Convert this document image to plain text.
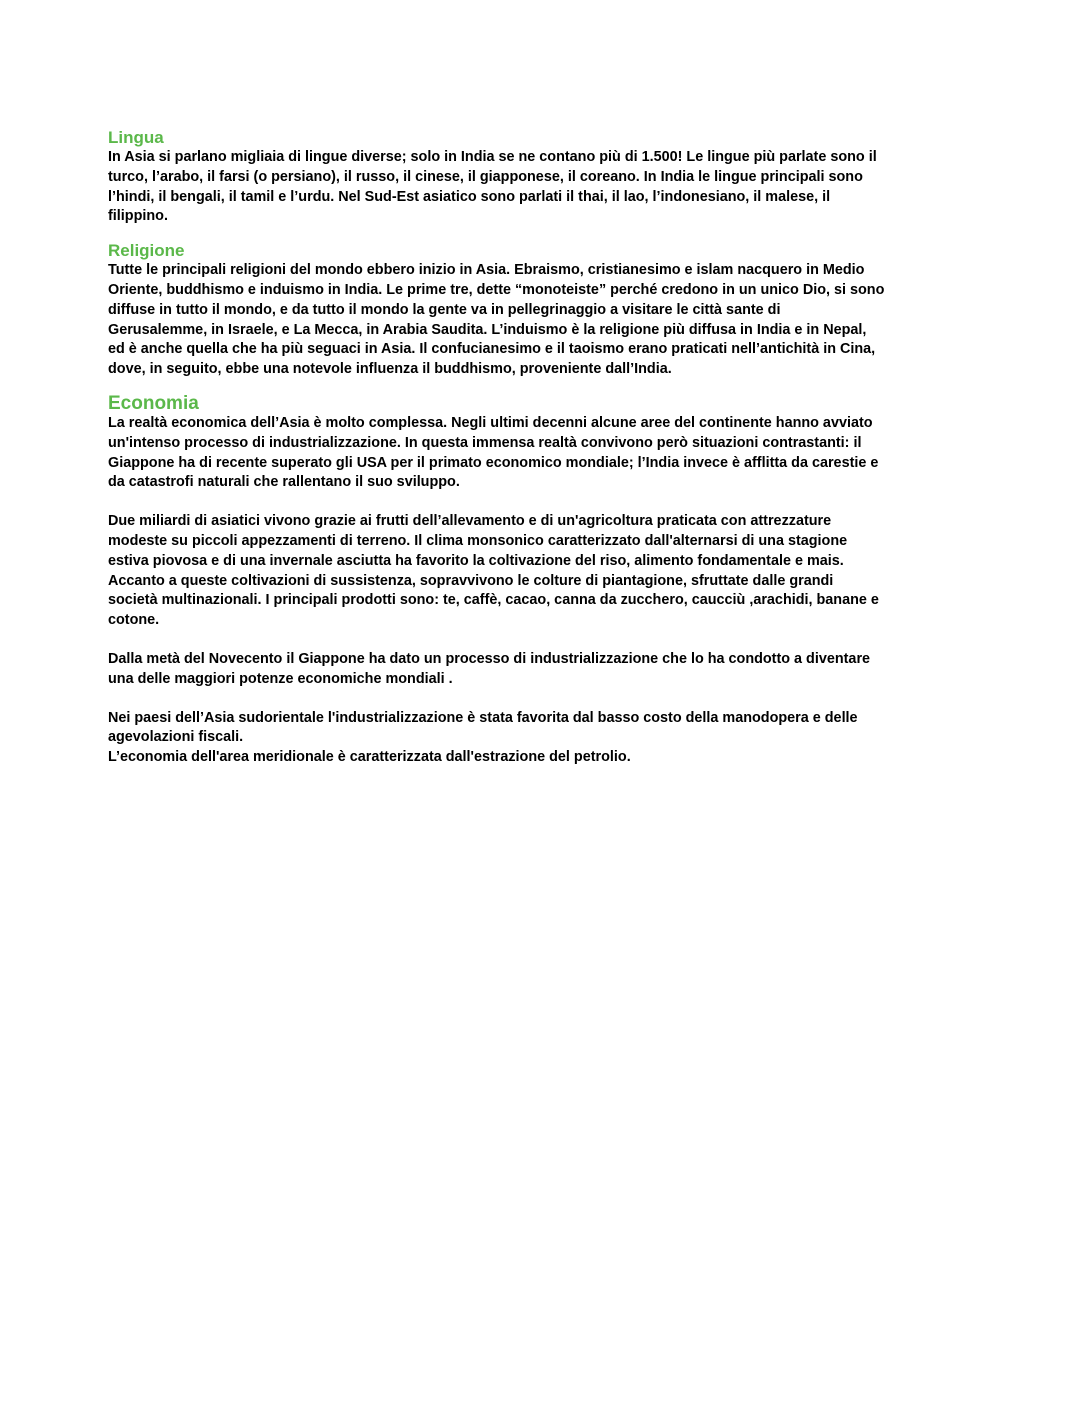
Lingua

In Asia si parlano migliaia di lingue diverse; solo in India se ne contano più di 1.500! Le lingue più parlate sono il
turco, l’arabo, il farsi (o persiano), il russo, il cinese, il giapponese, il coreano. In India le lingue principali sono
l’hindi, il bengali, il tamil e l’urdu. Nel Sud-Est asiatico sono parlati il thai, il lao, l’indonesiano, il malese, il
filippino.

Religione

Tutte le principali religioni del mondo ebbero inizio in Asia. Ebraismo, cristianesimo e islam nacquero in Medio
Oriente, buddhismo e induismo in India. Le prime tre, dette “monoteiste” perché credono in un unico Dio, si sono
diffuse in tutto il mondo, e da tutto il mondo la gente va in pellegrinaggio a visitare le città sante di
Gerusalemme, in Israele, e La Mecca, in Arabia Saudita. L’induismo è la religione più diffusa in India e in Nepal,
ed è anche quella che ha più seguaci in Asia. Il confucianesimo e il taoismo erano praticati nell’antichità in Cina,
dove, in seguito, ebbe una notevole influenza il buddhismo, proveniente dall’India.

Economia

La realtà economica dell’Asia è molto complessa. Negli ultimi decenni alcune aree del continente hanno avviato
un'intenso processo di industrializzazione. In questa immensa realtà convivono però situazioni contrastanti: il
Giappone ha di recente superato gli USA per il primato economico mondiale; l’India invece è afflitta da carestie e
da catastrofi naturali che rallentano il suo sviluppo.

Due miliardi di asiatici vivono grazie ai frutti dell’allevamento e di un'agricoltura praticata con attrezzature
modeste su piccoli appezzamenti di terreno. Il clima monsonico caratterizzato dall'alternarsi di una stagione
estiva piovosa e di una invernale asciutta ha favorito la coltivazione del riso, alimento fondamentale e mais.
Accanto a queste coltivazioni di sussistenza, sopravvivono le colture di piantagione, sfruttate dalle grandi
società multinazionali. I principali prodotti sono: te, caffè, cacao, canna da zucchero, caucciù ,arachidi, banane e
cotone.

Dalla metà del Novecento il Giappone ha dato un processo di industrializzazione che lo ha condotto a diventare
una delle maggiori potenze economiche mondiali .

Nei paesi dell’Asia sudorientale l'industrializzazione è stata favorita dal basso costo della manodopera e delle
agevolazioni fiscali.
L’economia dell'area meridionale è caratterizzata dall'estrazione del petrolio.
